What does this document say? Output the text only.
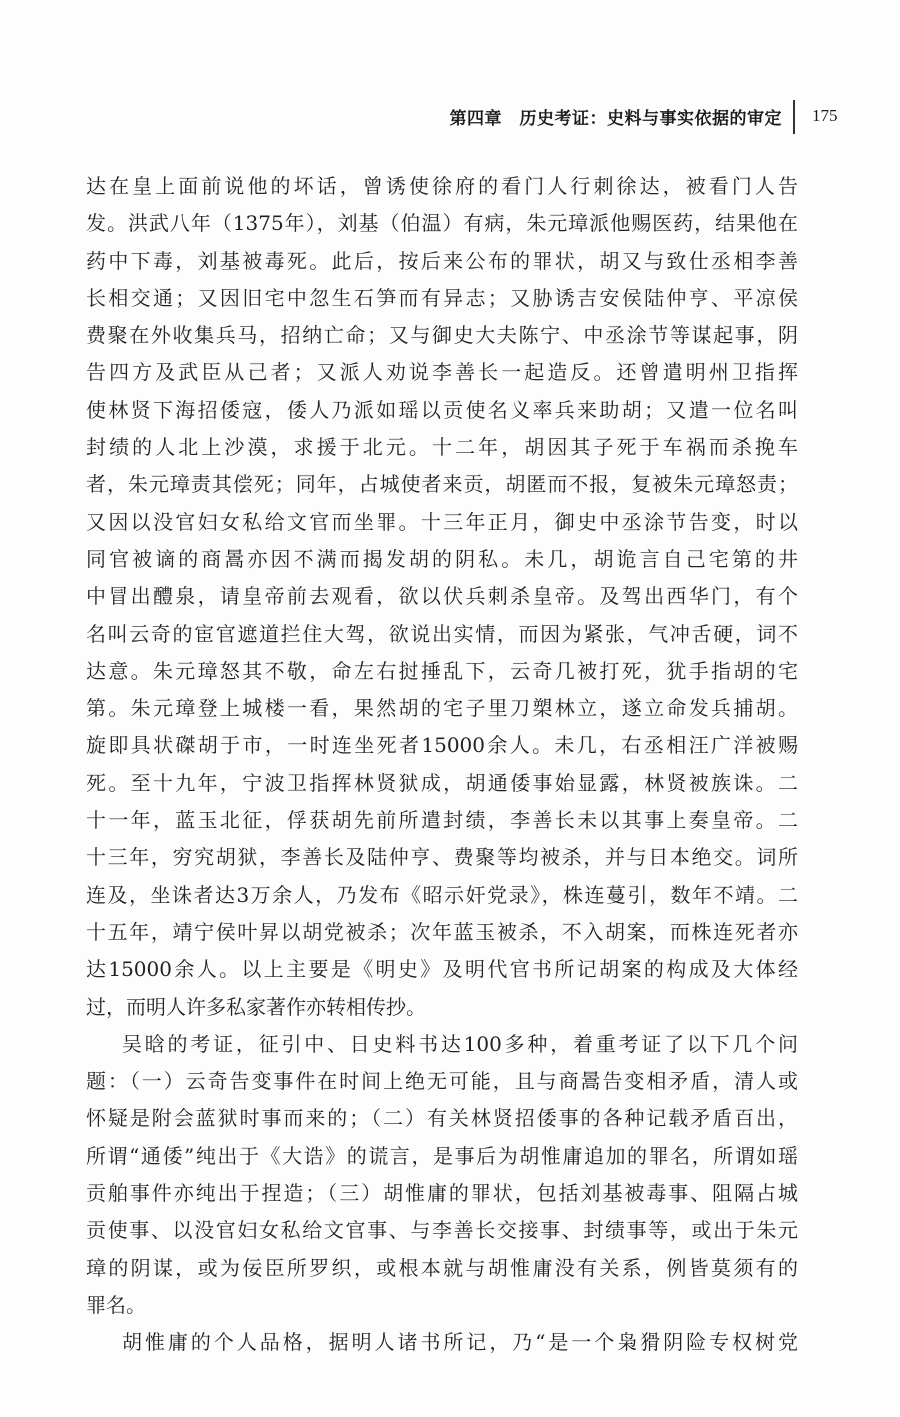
第四章　历史考证：史料与事实依据的审定 175
达在皇上面前说他的坏话，曾诱使徐府的看门人行刺徐达，被看门人告
发。洪武八年（1375年），刘基（伯温）有病，朱元璋派他赐医药，结果他在
药中下毒，刘基被毒死。此后，按后来公布的罪状，胡又与致仕丞相李善
长相交通；又因旧宅中忽生石笋而有异志；又胁诱吉安侯陆仲亨、平凉侯
费聚在外收集兵马，招纳亡命；又与御史大夫陈宁、中丞涂节等谋起事，阴
告四方及武臣从己者；又派人劝说李善长一起造反。还曾遣明州卫指挥
使林贤下海招倭寇，倭人乃派如瑶以贡使名义率兵来助胡；又遣一位名叫
封绩的人北上沙漠，求援于北元。十二年，胡因其子死于车祸而杀挽车
者，朱元璋责其偿死；同年，占城使者来贡，胡匿而不报，复被朱元璋怒责；
又因以没官妇女私给文官而坐罪。十三年正月，御史中丞涂节告变，时以
同官被谪的商暠亦因不满而揭发胡的阴私。未几，胡诡言自己宅第的井
中冒出醴泉，请皇帝前去观看，欲以伏兵刺杀皇帝。及驾出西华门，有个
名叫云奇的宦官遮道拦住大驾，欲说出实情，而因为紧张，气冲舌硬，词不
达意。朱元璋怒其不敬，命左右挝捶乱下，云奇几被打死，犹手指胡的宅
第。朱元璋登上城楼一看，果然胡的宅子里刀槊林立，遂立命发兵捕胡。
旋即具状磔胡于市，一时连坐死者15000余人。未几，右丞相汪广洋被赐
死。至十九年，宁波卫指挥林贤狱成，胡通倭事始显露，林贤被族诛。二
十一年，蓝玉北征，俘获胡先前所遣封绩，李善长未以其事上奏皇帝。二
十三年，穷究胡狱，李善长及陆仲亨、费聚等均被杀，并与日本绝交。词所
连及，坐诛者达3万余人，乃发布《昭示奸党录》，株连蔓引，数年不靖。二
十五年，靖宁侯叶昇以胡党被杀；次年蓝玉被杀，不入胡案，而株连死者亦
达15000余人。以上主要是《明史》及明代官书所记胡案的构成及大体经
过，而明人许多私家著作亦转相传抄。
吴晗的考证，征引中、日史料书达100多种，着重考证了以下几个问
题：（一）云奇告变事件在时间上绝无可能，且与商暠告变相矛盾，清人或
怀疑是附会蓝狱时事而来的；（二）有关林贤招倭事的各种记载矛盾百出，
所谓“通倭”纯出于《大诰》的谎言，是事后为胡惟庸追加的罪名，所谓如瑶
贡舶事件亦纯出于捏造；（三）胡惟庸的罪状，包括刘基被毒事、阻隔占城
贡使事、以没官妇女私给文官事、与李善长交接事、封绩事等，或出于朱元
璋的阴谋，或为佞臣所罗织，或根本就与胡惟庸没有关系，例皆莫须有的
罪名。
胡惟庸的个人品格，据明人诸书所记，乃“是一个枭猾阴险专权树党
